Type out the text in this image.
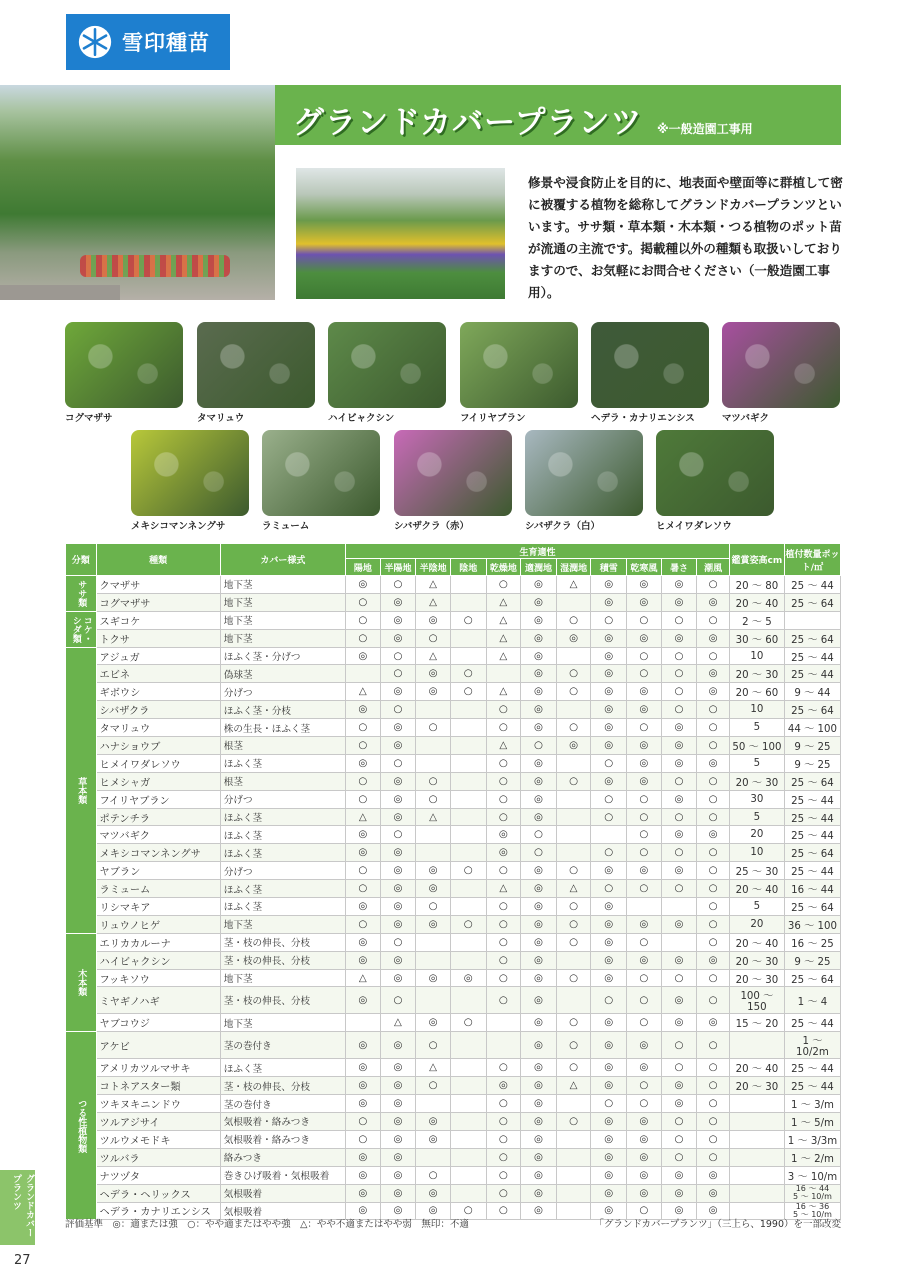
雪印種苗
グランドカバープランツ ※一般造園工事用
修景や浸食防止を目的に、地表面や壁面等に群植して密に被覆する植物を総称してグランドカバープランツといいます。ササ類・草本類・木本類・つる植物のポット苗が流通の主流です。掲載種以外の種類も取扱いしておりますので、お気軽にお問合せください（一般造園工事用）。
コグマザサ	タマリュウ	ハイビャクシン	フイリヤブラン	ヘデラ・カナリエンシス	マツバギク
メキシコマンネングサ	ラミューム	シバザクラ（赤）	シバザクラ（白）	ヒメイワダレソウ
分類	種類	カバー様式	生育適性											鑑賞姿高cm	植付数量ポット/㎡
			陽地	半陽地	半陰地	陰地	乾燥地	適潤地	湿潤地	積雪	乾寒風	暑さ	潮風		
ササ類	クマザサ	地下茎	◎	○	△		○	◎	△	◎	◎	◎	○	20 ～ 80	25 ～ 44
	コグマザサ	地下茎	○	◎	△		△	◎		◎	◎	◎	◎	20 ～ 40	25 ～ 64
コケ・シダ類	スギコケ	地下茎	○	◎	◎	○	△	◎	○	○	○	○	○	2 ～ 5	
	トクサ	地下茎	○	◎	○		△	◎	◎	◎	◎	◎	◎	30 ～ 60	25 ～ 64
草本類	アジュガ	ほふく茎・分げつ	◎	○	△		△	◎		◎	○	○	○	10	25 ～ 44
	エビネ	偽球茎		○	◎	○		◎	○	◎	○	○	◎	20 ～ 30	25 ～ 44
	ギボウシ	分げつ	△	◎	◎	○	△	◎	○	◎	◎	○	◎	20 ～ 60	9 ～ 44
	シバザクラ	ほふく茎・分枝	◎	○			○	◎		◎	◎	○	○	10	25 ～ 64
	タマリュウ	株の生長・ほふく茎	○	◎	○		○	◎	○	◎	○	◎	○	5	44 ～ 100
	ハナショウブ	根茎	○	◎			△	○	◎	◎	◎	◎	○	50 ～ 100	9 ～ 25
	ヒメイワダレソウ	ほふく茎	◎	○			○	◎		○	◎	◎	◎	5	9 ～ 25
	ヒメシャガ	根茎	○	◎	○		○	◎	○	◎	◎	○	○	20 ～ 30	25 ～ 64
	フイリヤブラン	分げつ	○	◎	○		○	◎		○	○	◎	○	30	25 ～ 44
	ポテンチラ	ほふく茎	△	◎	△		○	◎		○	○	○	○	5	25 ～ 44
	マツバギク	ほふく茎	◎	○			◎	○			○	◎	◎	20	25 ～ 44
	メキシコマンネングサ	ほふく茎	◎	◎			◎	○		○	○	○	○	10	25 ～ 64
	ヤブラン	分げつ	○	◎	◎	○	○	◎	○	◎	◎	◎	○	25 ～ 30	25 ～ 44
	ラミューム	ほふく茎	○	◎	◎		△	◎	△	○	○	○	○	20 ～ 40	16 ～ 44
	リシマキア	ほふく茎	◎	◎	○		○	◎	○	◎			○	5	25 ～ 64
	リュウノヒゲ	地下茎	○	◎	◎	○	○	◎	○	◎	◎	◎	○	20	36 ～ 100
木本類	エリカカルーナ	茎・枝の伸長、分枝	◎	○			○	◎	○	◎	○		○	20 ～ 40	16 ～ 25
	ハイビャクシン	茎・枝の伸長、分枝	◎	◎			○	◎		◎	◎	◎	◎	20 ～ 30	9 ～ 25
	フッキソウ	地下茎	△	◎	◎	◎	○	◎	○	◎	○	○	○	20 ～ 30	25 ～ 64
	ミヤギノハギ	茎・枝の伸長、分枝	◎	○			○	◎		○	○	◎	○	100 ～ 150	1 ～ 4
	ヤブコウジ	地下茎		△	◎	○		◎	○	◎	○	◎	◎	15 ～ 20	25 ～ 44
つる性植物類	アケビ	茎の巻付き	◎	◎	○			◎	○	◎	◎	○	○		1 ～ 10/2m
	アメリカツルマサキ	ほふく茎	◎	◎	△		○	◎	○	◎	◎	○	○	20 ～ 40	25 ～ 44
	コトネアスター類	茎・枝の伸長、分枝	◎	◎	○		◎	◎	△	◎	○	◎	○	20 ～ 30	25 ～ 44
	ツキヌキニンドウ	茎の巻付き	◎	◎			○	◎		○	○	◎	○		1 ～ 3/m
	ツルアジサイ	気根吸着・絡みつき	○	◎	◎		○	◎	○	◎	◎	○	○		1 ～ 5/m
	ツルウメモドキ	気根吸着・絡みつき	○	◎	◎		○	◎		◎	◎	○	○		1 ～ 3/3m
	ツルバラ	絡みつき	◎	◎			○	◎		◎	◎	○	○		1 ～ 2/m
	ナツヅタ	巻きひげ吸着・気根吸着	◎	◎	○		○	◎		◎	◎	◎	◎		3 ～ 10/m
	ヘデラ・ヘリックス	気根吸着	◎	◎	◎		○	◎		◎	◎	◎	◎		16 ～ 44
5 ～ 10/m
	ヘデラ・カナリエンシス	気根吸着	◎	◎	◎	○	○	◎		◎	○	◎	◎		16 ～ 36
5 ～ 10/m
評価基準　◎：適または強　○：やや適またはやや強　△：やや不適またはやや弱　無印：不適	「グランドカバープランツ」（三上ら、1990）を一部改変
グランドカバープランツ
27
